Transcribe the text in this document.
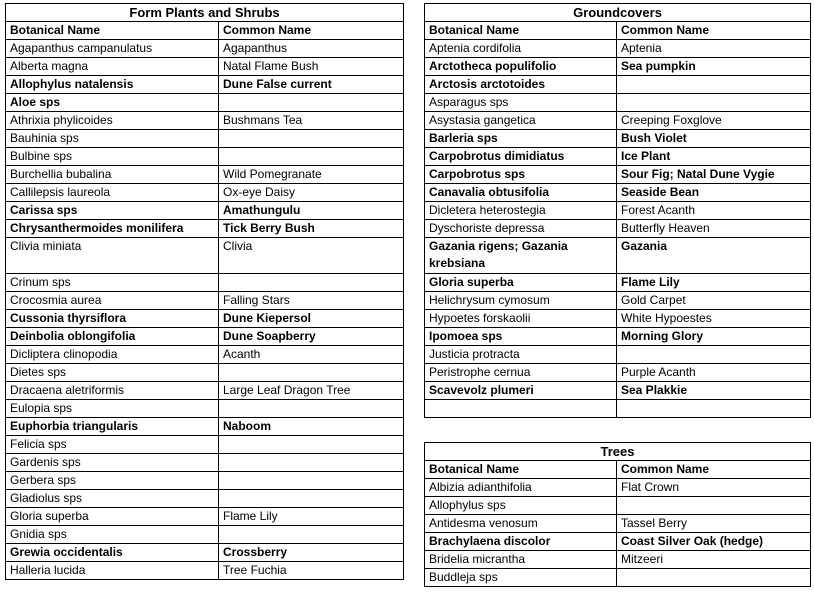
Form Plants and Shrubs	
Botanical Name	Common Name
Agapanthus campanulatus	Agapanthus
Alberta magna	Natal Flame Bush
Allophylus natalensis	Dune False current
Aloe sps	
Athrixia phylicoides	Bushmans Tea
Bauhinia sps	
Bulbine sps	
Burchellia bubalina	Wild Pomegranate
Callilepsis laureola	Ox-eye Daisy
Carissa sps	Amathungulu
Chrysanthermoides monilifera	Tick Berry Bush
Clivia miniata	Clivia
Crinum sps	
Crocosmia aurea	Falling Stars
Cussonia thyrsiflora	Dune Kiepersol
Deinbolia oblongifolia	Dune Soapberry
Dicliptera clinopodia	Acanth
Dietes sps	
Dracaena aletriformis	Large Leaf Dragon Tree
Eulopia sps	
Euphorbia triangularis	Naboom
Felicia sps	
Gardenis sps	
Gerbera sps	
Gladiolus sps	
Gloria superba	Flame Lily
Gnidia sps	
Grewia occidentalis	Crossberry
Halleria lucida	Tree Fuchia
Groundcovers	
Botanical Name	Common Name
Aptenia cordifolia	Aptenia
Arctotheca populifolio	Sea pumpkin
Arctosis arctotoides	
Asparagus sps	
Asystasia gangetica	Creeping Foxglove
Barleria sps	Bush Violet
Carpobrotus dimidiatus	Ice Plant
Carpobrotus sps	Sour Fig; Natal Dune Vygie
Canavalia obtusifolia	Seaside Bean
Dicletera heterostegia	Forest Acanth
Dyschoriste depressa	Butterfly Heaven
Gazania rigens; Gazania krebsiana	Gazania
Gloria superba	Flame Lily
Helichrysum cymosum	Gold Carpet
Hypoetes forskaolii	White Hypoestes
Ipomoea sps	Morning Glory
Justicia protracta	
Peristrophe cernua	Purple Acanth
Scavevolz plumeri	Sea Plakkie

Trees	
Botanical Name	Common Name
Albizia adianthifolia	Flat Crown
Allophylus sps	
Antidesma venosum	Tassel Berry
Brachylaena discolor	Coast Silver Oak (hedge)
Bridelia micrantha	Mitzeeri
Buddleja sps	
